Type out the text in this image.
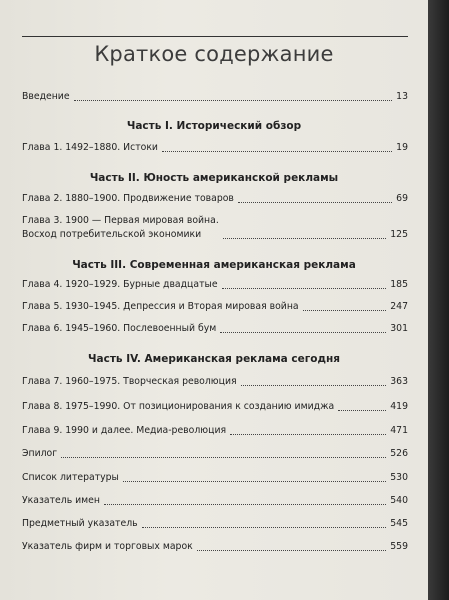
Краткое содержание
Введение	13
Часть I. Исторический обзор
Глава 1. 1492–1880. Истоки	19
Часть II. Юность американской рекламы
Глава 2. 1880–1900. Продвижение товаров	69
Глава 3. 1900 — Первая мировая война.
Восход потребительской экономики	125
Часть III. Современная американская реклама
Глава 4. 1920–1929. Бурные двадцатые	185
Глава 5. 1930–1945. Депрессия и Вторая мировая война	247
Глава 6. 1945–1960. Послевоенный бум	301
Часть IV. Американская реклама сегодня
Глава 7. 1960–1975. Творческая революция	363
Глава 8. 1975–1990. От позиционирования к созданию имиджа	419
Глава 9. 1990 и далее. Медиа-революция	471
Эпилог	526
Список литературы	530
Указатель имен	540
Предметный указатель	545
Указатель фирм и торговых марок	559
